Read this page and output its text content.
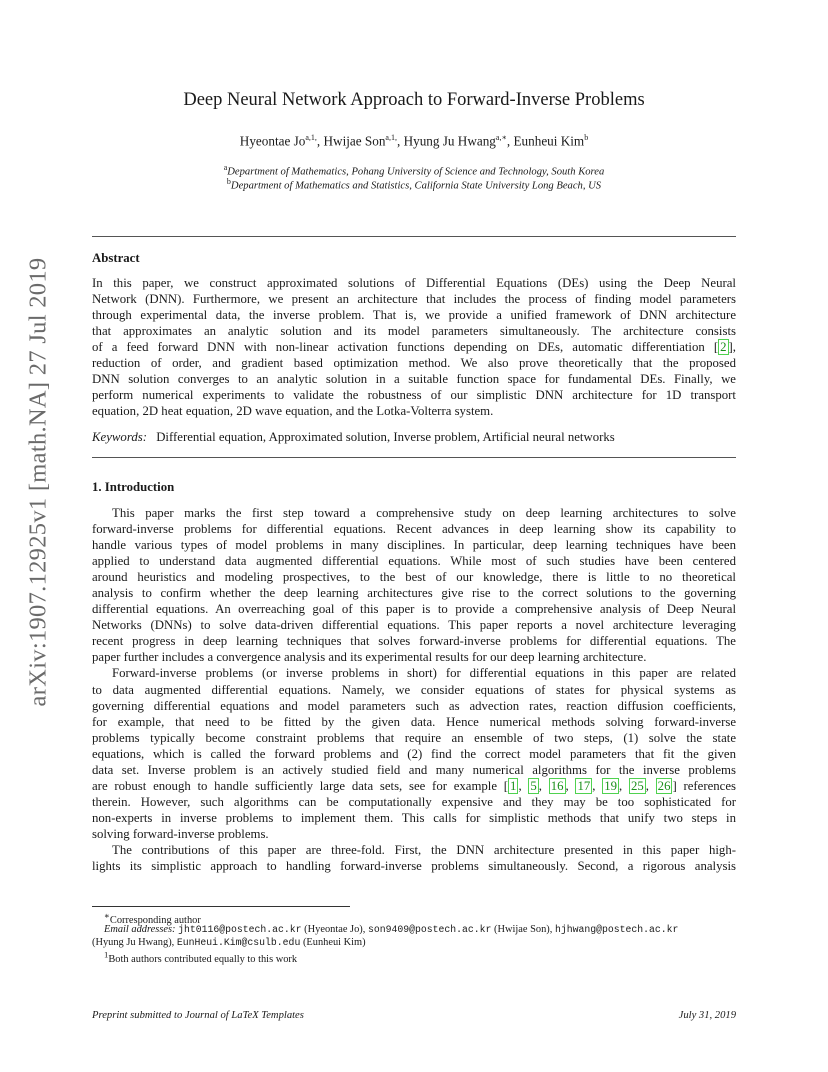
arXiv:1907.12925v1 [math.NA] 27 Jul 2019
Deep Neural Network Approach to Forward-Inverse Problems
Hyeontae $Jo^{a,1,}$, Hwijae Son$^{a,1,}$, Hyung Ju Hwang$^{a,∗}$, Eunheui Kim$^b$
$^a$Department of Mathematics, Pohang University of Science and Technology, South Korea
$^b$Department of Mathematics and Statistics, California State University Long Beach, US
Abstract
In this paper, we construct approximated solutions of Differential Equations (DEs) using the Deep Neural
Network (DNN). Furthermore, we present an architecture that includes the process of finding model parameters
through experimental data, the inverse problem. That is, we provide a unified framework of DNN architecture
that approximates an analytic solution and its model parameters simultaneously. The architecture consists
of a feed forward DNN with non-linear activation functions depending on DEs, automatic differentiation [ 2 ],
reduction of order, and gradient based optimization method. We also prove theoretically that the proposed
DNN solution converges to an analytic solution in a suitable function space for fundamental DEs. Finally, we
perform numerical experiments to validate the robustness of our simplistic DNN architecture for 1D transport
equation, 2D heat equation, 2D wave equation, and the Lotka-Volterra system.
Keywords: Differential equation, Approximated solution, Inverse problem, Artificial neural networks
1. Introduction
This paper marks the first step toward a comprehensive study on deep learning architectures to solve
forward-inverse problems for differential equations. Recent advances in deep learning show its capability to
handle various types of model problems in many disciplines. In particular, deep learning techniques have been
applied to understand data augmented differential equations. While most of such studies have been centered
around heuristics and modeling prospectives, to the best of our knowledge, there is little to no theoretical
analysis to confirm whether the deep learning architectures give rise to the correct solutions to the governing
differential equations. An overreaching goal of this paper is to provide a comprehensive analysis of Deep Neural
Networks (DNNs) to solve data-driven differential equations. This paper reports a novel architecture leveraging
recent progress in deep learning techniques that solves forward-inverse problems for differential equations. The
paper further includes a convergence analysis and its experimental results for our deep learning architecture.
Forward-inverse problems (or inverse problems in short) for differential equations in this paper are related
to data augmented differential equations. Namely, we consider equations of states for physical systems as
governing differential equations and model parameters such as advection rates, reaction diffusion coefficients,
for example, that need to be fitted by the given data. Hence numerical methods solving forward-inverse
problems typically become constraint problems that require an ensemble of two steps, (1) solve the state
equations, which is called the forward problems and (2) find the correct model parameters that fit the given
data set. Inverse problem is an actively studied field and many numerical algorithms for the inverse problems
are robust enough to handle sufficiently large data sets, see for example [ 1 , 5 , 16 , 17 , 19 , 25 , 26 ] references
therein. However, such algorithms can be computationally expensive and they may be too sophisticated for
non-experts in inverse problems to implement them. This calls for simplistic methods that unify two steps in
solving forward-inverse problems.
The contributions of this paper are three-fold. First, the DNN architecture presented in this paper high-
lights its simplistic approach to handling forward-inverse problems simultaneously. Second, a rigorous analysis
∗Corresponding author
Email addresses: jht0116@postech.ac.kr (Hyeontae Jo), son9409@postech.ac.kr (Hwijae Son), hjhwang@postech.ac.kr
(Hyung Ju Hwang), EunHeui.Kim@csulb.edu (Eunheui Kim)
$^1$Both authors contributed equally to this work
Preprint submitted to Journal of LaTeX Templates	July 31, 2019
